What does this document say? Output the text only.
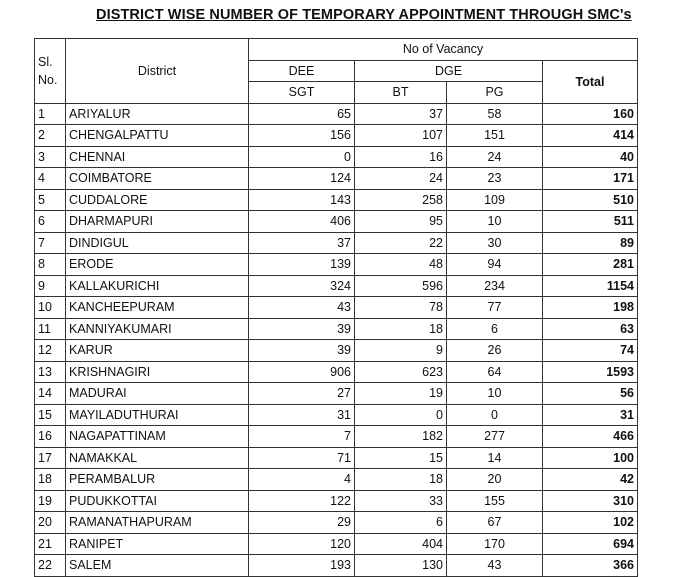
DISTRICT WISE NUMBER OF TEMPORARY APPOINTMENT THROUGH SMC's
Sl.
No.	District	No of Vacancy			
		DEE	DGE		Total
		SGT	BT	PG	
1	ARIYALUR	65	37	58	160
2	CHENGALPATTU	156	107	151	414
3	CHENNAI	0	16	24	40
4	COIMBATORE	124	24	23	171
5	CUDDALORE	143	258	109	510
6	DHARMAPURI	406	95	10	511
7	DINDIGUL	37	22	30	89
8	ERODE	139	48	94	281
9	KALLAKURICHI	324	596	234	1154
10	KANCHEEPURAM	43	78	77	198
11	KANNIYAKUMARI	39	18	6	63
12	KARUR	39	9	26	74
13	KRISHNAGIRI	906	623	64	1593
14	MADURAI	27	19	10	56
15	MAYILADUTHURAI	31	0	0	31
16	NAGAPATTINAM	7	182	277	466
17	NAMAKKAL	71	15	14	100
18	PERAMBALUR	4	18	20	42
19	PUDUKKOTTAI	122	33	155	310
20	RAMANATHAPURAM	29	6	67	102
21	RANIPET	120	404	170	694
22	SALEM	193	130	43	366
